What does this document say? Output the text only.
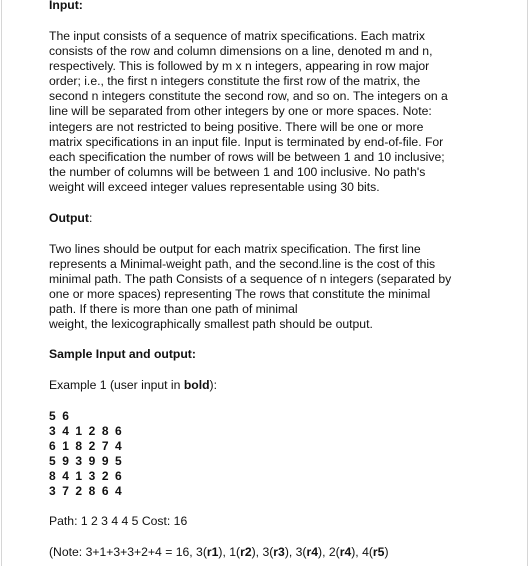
Input:
The input consists of a sequence of matrix specifications. Each matrix
consists of the row and column dimensions on a line, denoted m and n,
respectively. This is followed by m x n integers, appearing in row major
order; i.e., the first n integers constitute the first row of the matrix, the
second n integers constitute the second row, and so on. The integers on a
line will be separated from other integers by one or more spaces. Note:
integers are not restricted to being positive. There will be one or more
matrix specifications in an input file. Input is terminated by end-of-file. For
each specification the number of rows will be between 1 and 10 inclusive;
the number of columns will be between 1 and 100 inclusive. No path's
weight will exceed integer values representable using 30 bits.
Output:
Two lines should be output for each matrix specification. The first line
represents a Minimal-weight path, and the second.line is the cost of this
minimal path. The path Consists of a sequence of n integers (separated by
one or more spaces) representing The rows that constitute the minimal
path. If there is more than one path of minimal
weight, the lexicographically smallest path should be output.
Sample Input and output:
Example 1 (user input in bold):
5 6
3 4 1 2 8 6
6 1 8 2 7 4
5 9 3 9 9 5
8 4 1 3 2 6
3 7 2 8 6 4
Path: 1 2 3 4 4 5 Cost: 16
(Note: 3+1+3+3+2+4 = 16, 3(r1), 1(r2), 3(r3), 3(r4), 2(r4), 4(r5)
